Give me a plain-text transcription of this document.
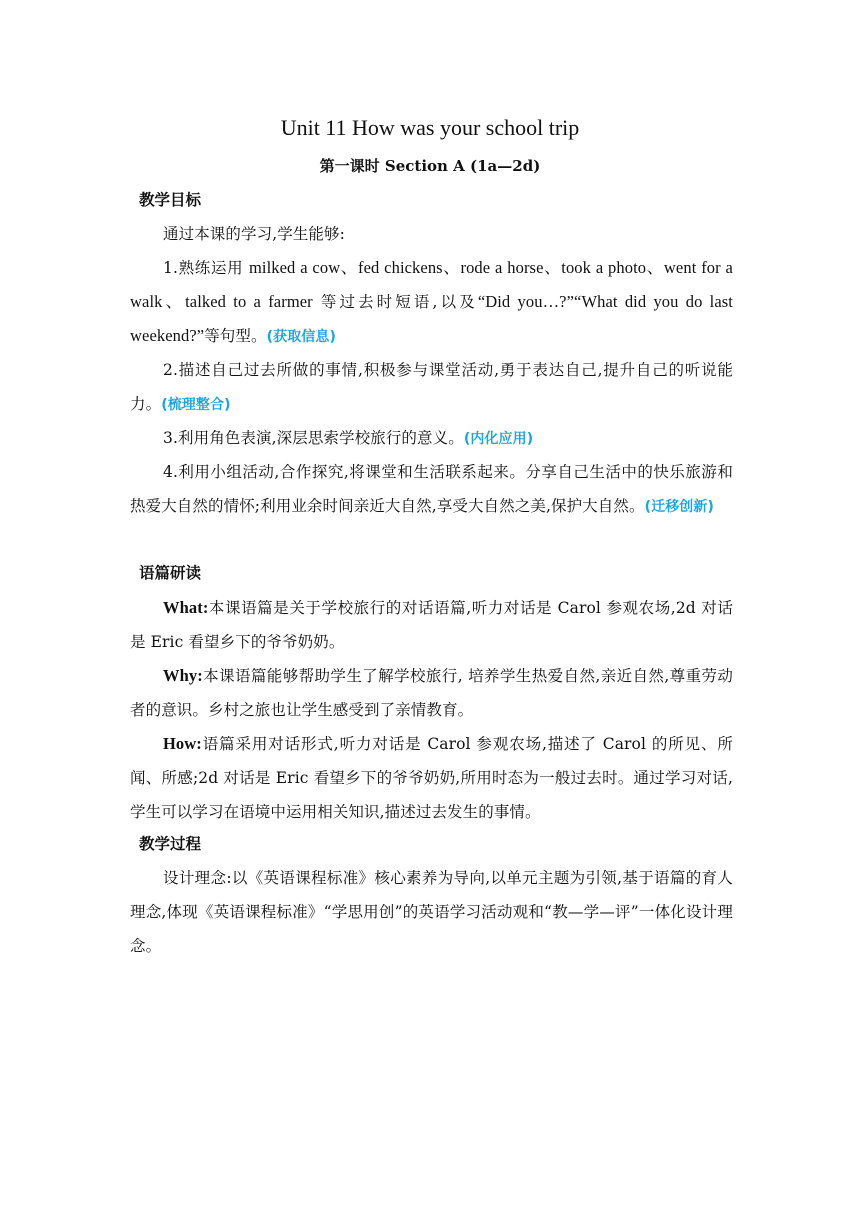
Unit 11 How was your school trip
第一课时 Section A (1a—2d)
教学目标
通过本课的学习,学生能够:
1.熟练运用 milked a cow、fed chickens、rode a horse、took a photo、went for a walk、talked to a farmer 等过去时短语,以及“Did you…?”“What did you do last weekend?”等句型。(获取信息)
2.描述自己过去所做的事情,积极参与课堂活动,勇于表达自己,提升自己的听说能力。(梳理整合)
3.利用角色表演,深层思索学校旅行的意义。(内化应用)
4.利用小组活动,合作探究,将课堂和生活联系起来。分享自己生活中的快乐旅游和热爱大自然的情怀;利用业余时间亲近大自然,享受大自然之美,保护大自然。(迁移创新)
语篇研读
What:本课语篇是关于学校旅行的对话语篇,听力对话是 Carol 参观农场,2d 对话是 Eric 看望乡下的爷爷奶奶。
Why:本课语篇能够帮助学生了解学校旅行, 培养学生热爱自然,亲近自然,尊重劳动者的意识。乡村之旅也让学生感受到了亲情教育。
How:语篇采用对话形式,听力对话是 Carol 参观农场,描述了 Carol 的所见、所闻、所感;2d 对话是 Eric 看望乡下的爷爷奶奶,所用时态为一般过去时。通过学习对话,学生可以学习在语境中运用相关知识,描述过去发生的事情。
教学过程
设计理念:以《英语课程标准》核心素养为导向,以单元主题为引领,基于语篇的育人理念,体现《英语课程标准》“学思用创”的英语学习活动观和“教—学—评”一体化设计理念。
